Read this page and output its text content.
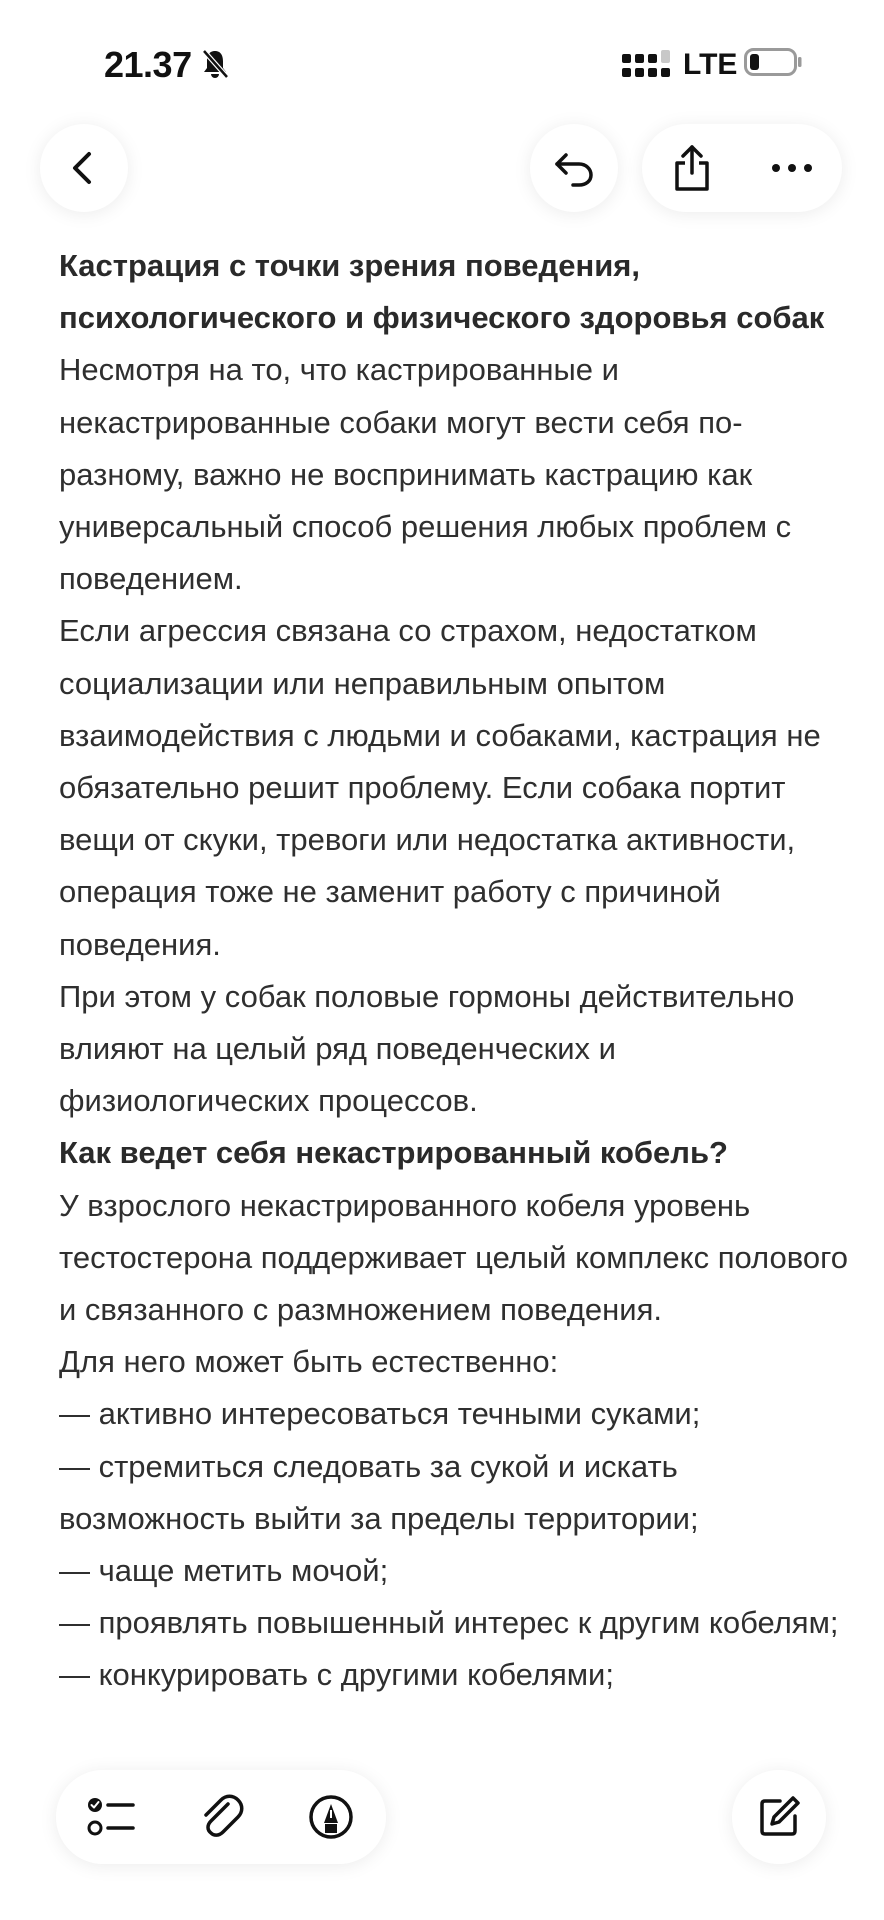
21.37	LTE

Кастрация с точки зрения поведения, психологического и физического здоровья собак

Несмотря на то, что кастрированные и некастрированные собаки могут вести себя по-разному, важно не воспринимать кастрацию как универсальный способ решения любых проблем с поведением.

Если агрессия связана со страхом, недостатком социализации или неправильным опытом взаимодействия с людьми и собаками, кастрация не обязательно решит проблему. Если собака портит вещи от скуки, тревоги или недостатка активности, операция тоже не заменит работу с причиной поведения.

При этом у собак половые гормоны действительно влияют на целый ряд поведенческих и физиологических процессов.

Как ведет себя некастрированный кобель?

У взрослого некастрированного кобеля уровень тестостерона поддерживает целый комплекс полового и связанного с размножением поведения.

Для него может быть естественно:

— активно интересоваться течными суками;

— стремиться следовать за сукой и искать возможность выйти за пределы территории;

— чаще метить мочой;

— проявлять повышенный интерес к другим кобелям;

— конкурировать с другими кобелями;
